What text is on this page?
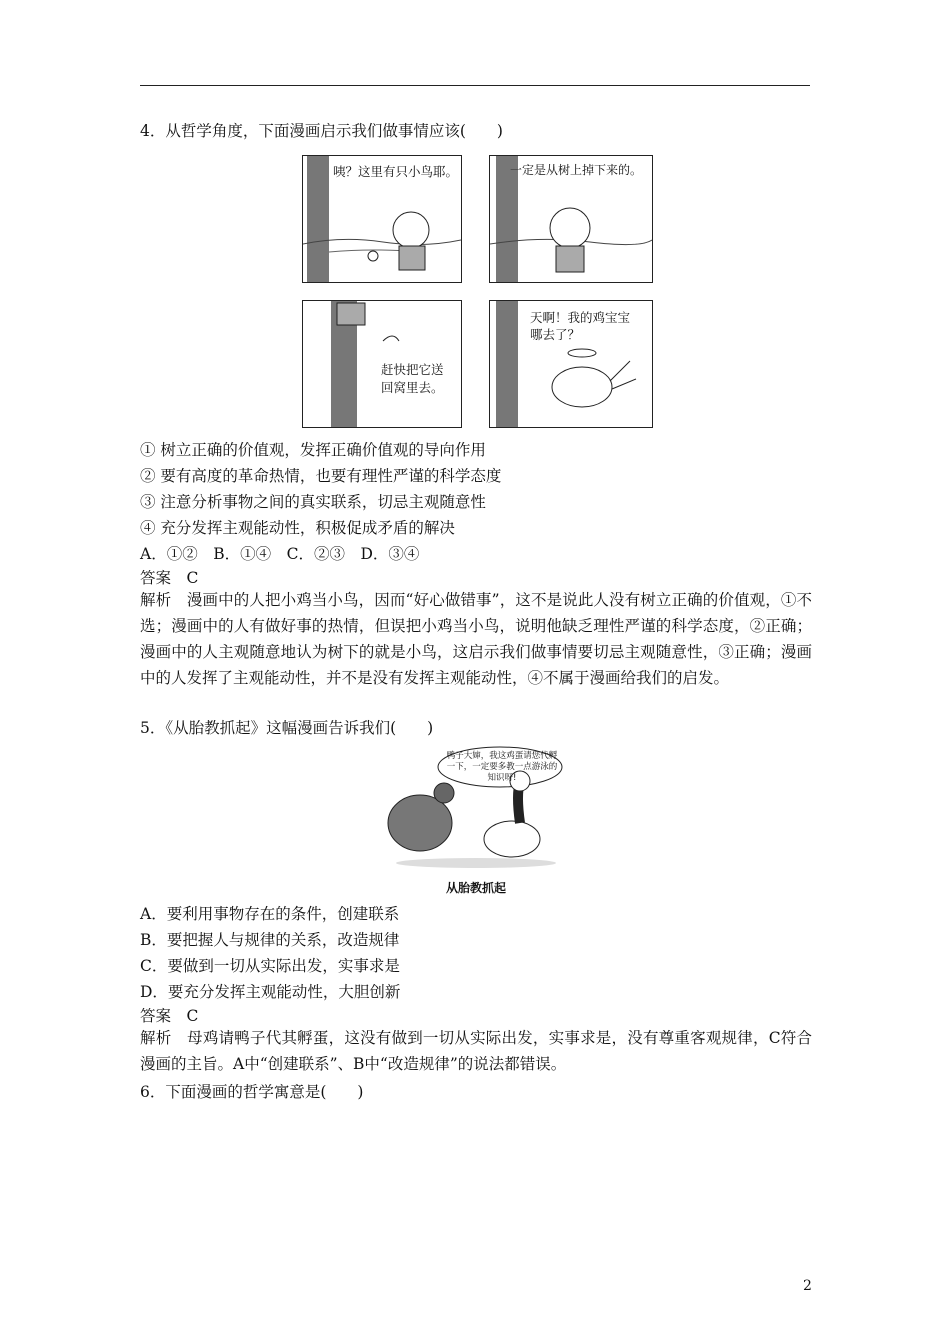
4．从哲学角度，下面漫画启示我们做事情应该(　　)
咦？这里有只小鸟耶。	一定是从树上掉下来的。
赶快把它送回窝里去。
天啊！我的鸡宝宝哪去了？
① 树立正确的价值观，发挥正确价值观的导向作用
② 要有高度的革命热情，也要有理性严谨的科学态度
③ 注意分析事物之间的真实联系，切忌主观随意性
④ 充分发挥主观能动性，积极促成矛盾的解决
A．①②　B．①④　C．②③　D．③④
答案　C
解析　漫画中的人把小鸡当小鸟，因而“好心做错事”，这不是说此人没有树立正确的价值观，①不选；漫画中的人有做好事的热情，但误把小鸡当小鸟，说明他缺乏理性严谨的科学态度，②正确；漫画中的人主观随意地认为树下的就是小鸟，这启示我们做事情要切忌主观随意性，③正确；漫画中的人发挥了主观能动性，并不是没有发挥主观能动性，④不属于漫画给我们的启发。
5．《从胎教抓起》这幅漫画告诉我们(　　)
鸭子大婶，我这鸡蛋请您代孵一下，一定要多教一点游泳的知识呀!
从胎教抓起
A．要利用事物存在的条件，创建联系
B．要把握人与规律的关系，改造规律
C．要做到一切从实际出发，实事求是
D．要充分发挥主观能动性，大胆创新
答案　C
解析　母鸡请鸭子代其孵蛋，这没有做到一切从实际出发，实事求是，没有尊重客观规律，C符合漫画的主旨。A中“创建联系”、B中“改造规律”的说法都错误。
6．下面漫画的哲学寓意是(　　)
2
